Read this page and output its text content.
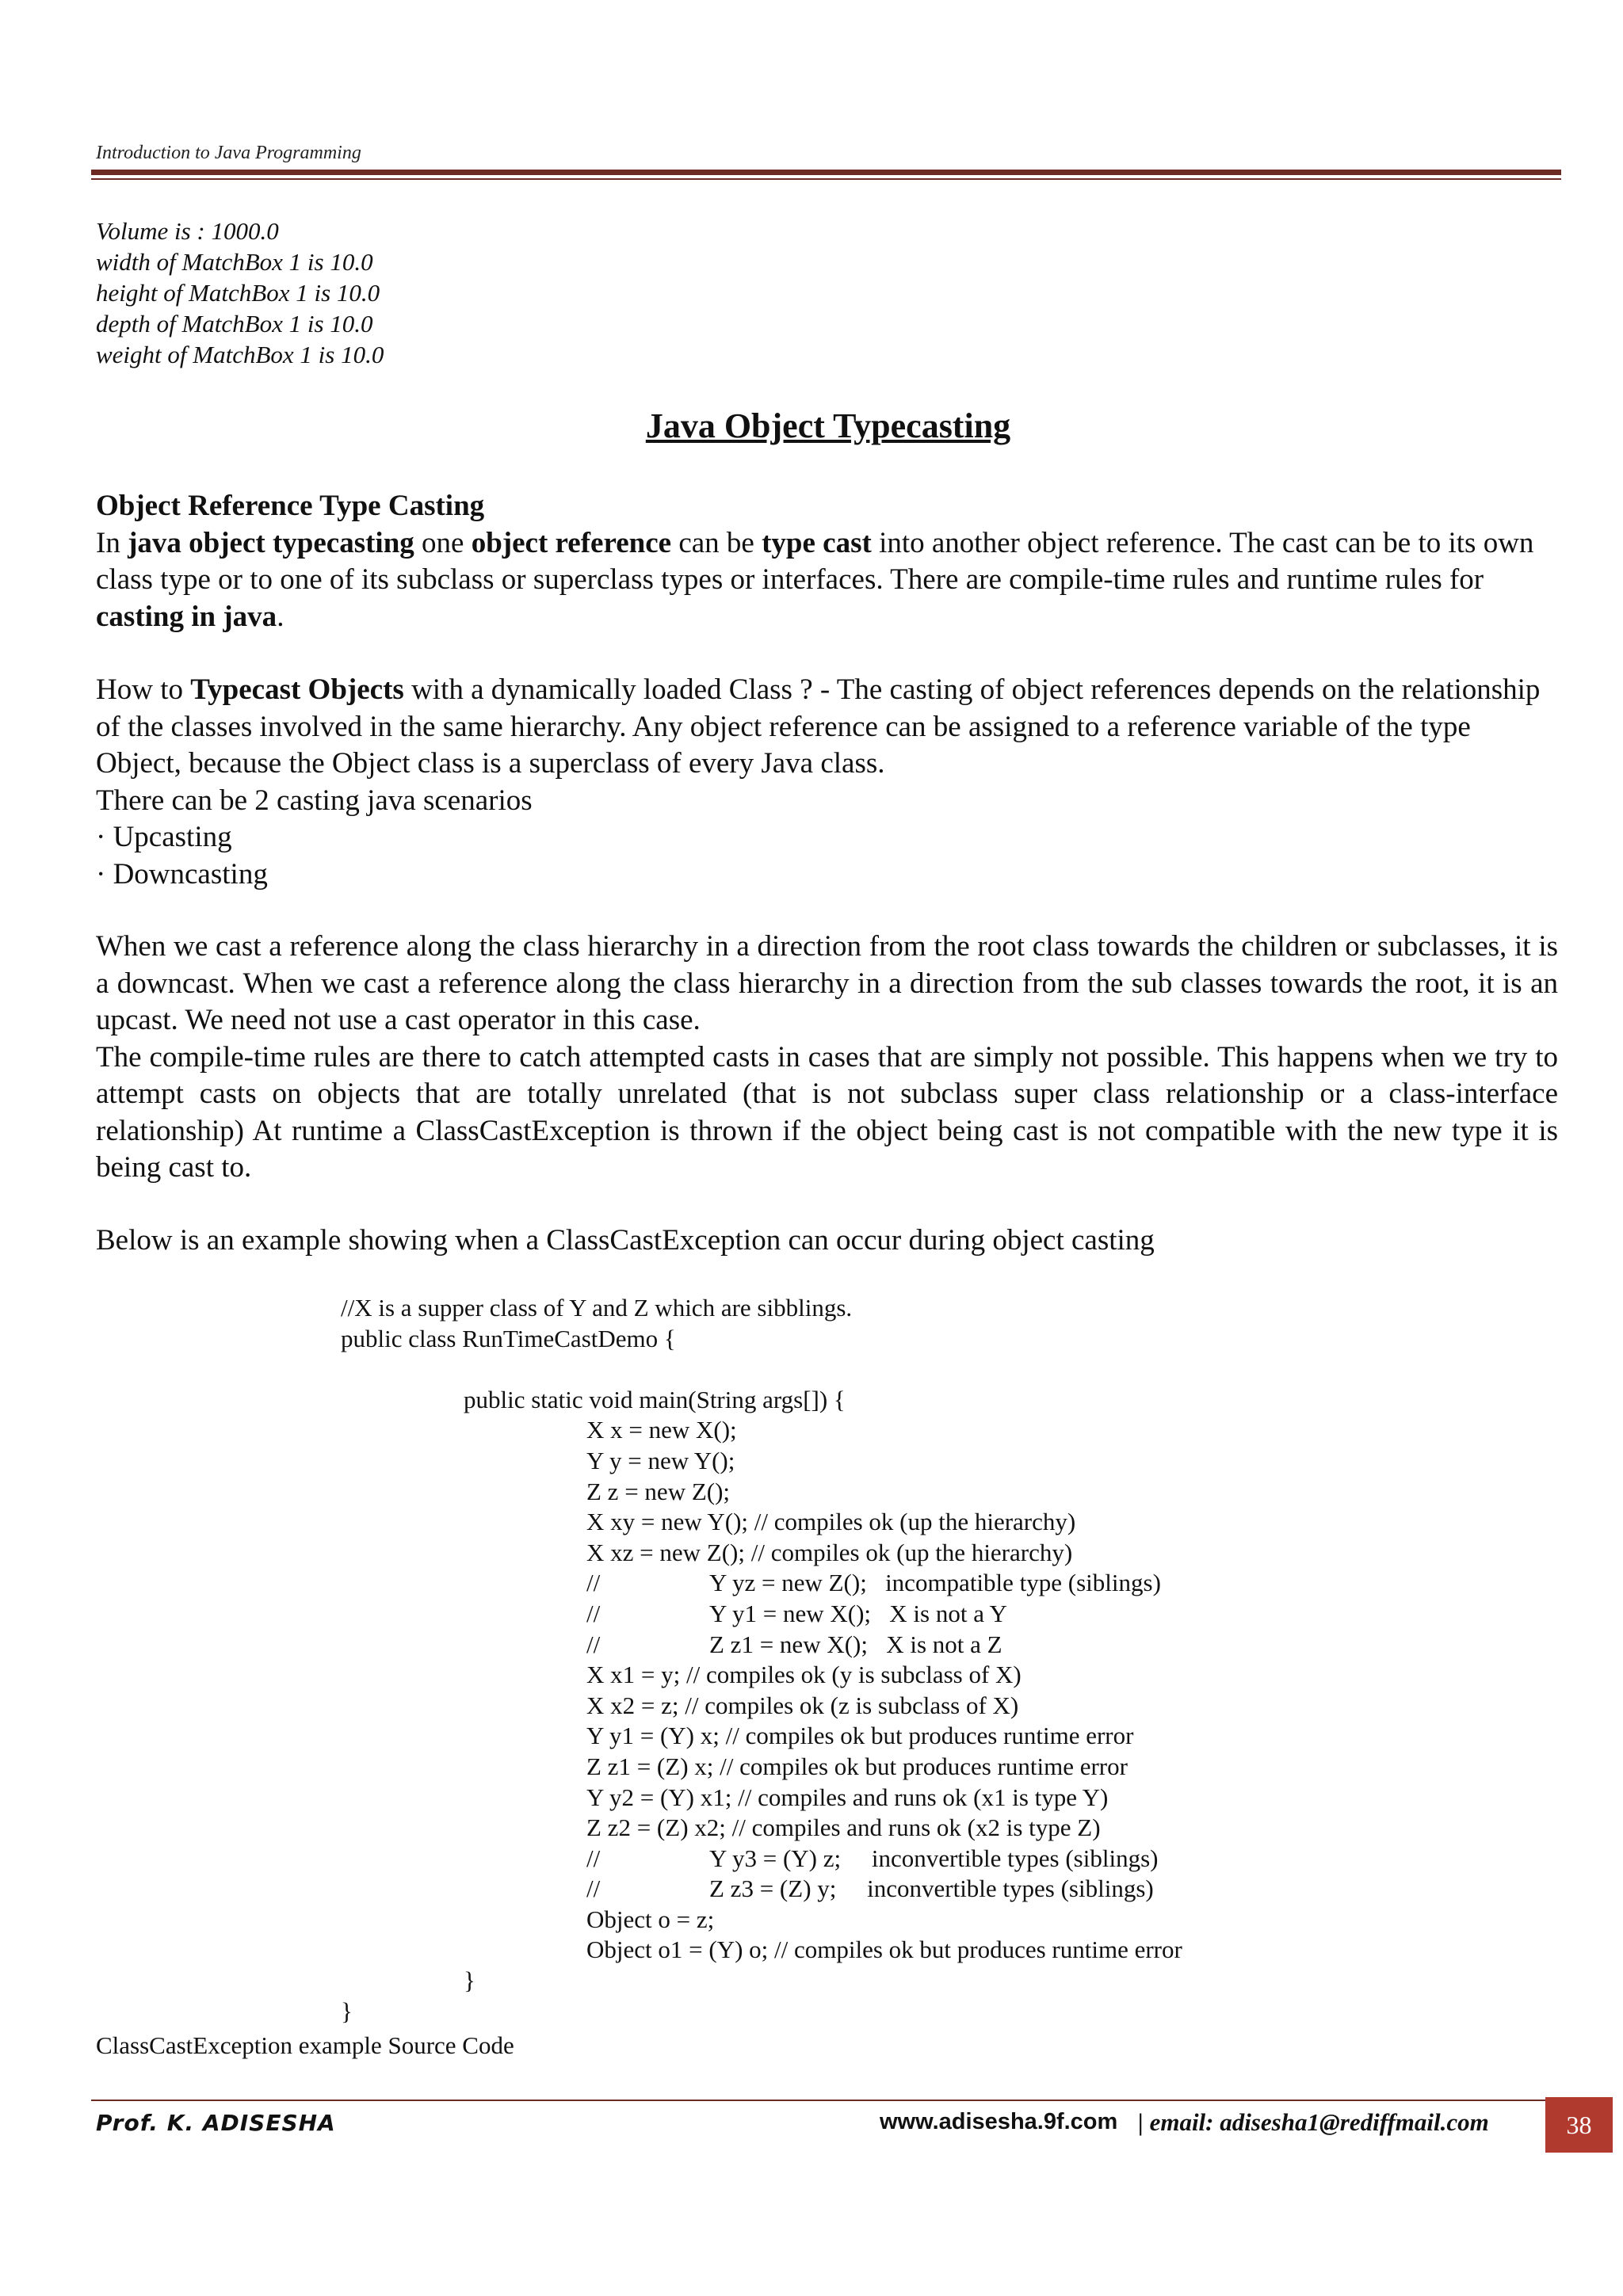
Introduction to Java Programming
Volume is : 1000.0
width of MatchBox 1 is 10.0
height of MatchBox 1 is 10.0
depth of MatchBox 1 is 10.0
weight of MatchBox 1 is 10.0
Java Object Typecasting
Object Reference Type Casting
In java object typecasting one object reference can be type cast into another object reference. The cast can be to its own class type or to one of its subclass or superclass types or interfaces. There are compile-time rules and runtime rules for casting in java.
How to Typecast Objects with a dynamically loaded Class ? - The casting of object references depends on the relationship of the classes involved in the same hierarchy. Any object reference can be assigned to a reference variable of the type Object, because the Object class is a superclass of every Java class.
There can be 2 casting java scenarios
· Upcasting
· Downcasting
When we cast a reference along the class hierarchy in a direction from the root class towards the children or subclasses, it is a downcast. When we cast a reference along the class hierarchy in a direction from the sub classes towards the root, it is an upcast. We need not use a cast operator in this case.
The compile-time rules are there to catch attempted casts in cases that are simply not possible. This happens when we try to attempt casts on objects that are totally unrelated (that is not subclass super class relationship or a class-interface relationship) At runtime a ClassCastException is thrown if the object being cast is not compatible with the new type it is being cast to.
Below is an example showing when a ClassCastException can occur during object casting
//X is a supper class of Y and Z which are sibblings.
public class RunTimeCastDemo {
public static void main(String args[]) {
X x = new X();
Y y = new Y();
Z z = new Z();
X xy = new Y(); // compiles ok (up the hierarchy)
X xz = new Z(); // compiles ok (up the hierarchy)
//	Y yz = new Z();   incompatible type (siblings)
//	Y y1 = new X();   X is not a Y
//	Z z1 = new X();   X is not a Z
X x1 = y; // compiles ok (y is subclass of X)
X x2 = z; // compiles ok (z is subclass of X)
Y y1 = (Y) x; // compiles ok but produces runtime error
Z z1 = (Z) x; // compiles ok but produces runtime error
Y y2 = (Y) x1; // compiles and runs ok (x1 is type Y)
Z z2 = (Z) x2; // compiles and runs ok (x2 is type Z)
//	Y y3 = (Y) z;     inconvertible types (siblings)
//	Z z3 = (Z) y;     inconvertible types (siblings)
Object o = z;
Object o1 = (Y) o; // compiles ok but produces runtime error
}
}
ClassCastException example Source Code
Prof. K. ADISESHA	www.adisesha.9f.com | email: adisesha1@rediffmail.com	38
